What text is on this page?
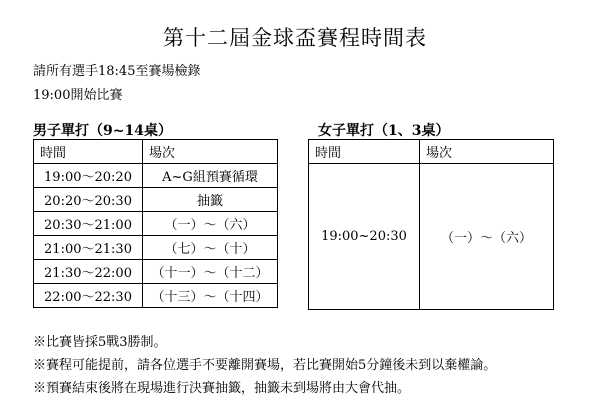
第十二屆金球盃賽程時間表
請所有選手18:45至賽場檢錄
19:00開始比賽
男子單打（9~14桌）
時間	場次
19:00～20:20	A~G組預賽循環
20:20～20:30	抽籤
20:30～21:00	（一）～（六）
21:00～21:30	（七）～（十）
21:30～22:00	（十一）～（十二）
22:00～22:30	（十三）～（十四）
女子單打（1、3桌）
時間	場次
19:00~20:30	（一）～（六）
※比賽皆採5戰3勝制。
※賽程可能提前，請各位選手不要離開賽場，若比賽開始5分鐘後未到以棄權論。
※預賽結束後將在現場進行決賽抽籤，抽籤未到場將由大會代抽。
